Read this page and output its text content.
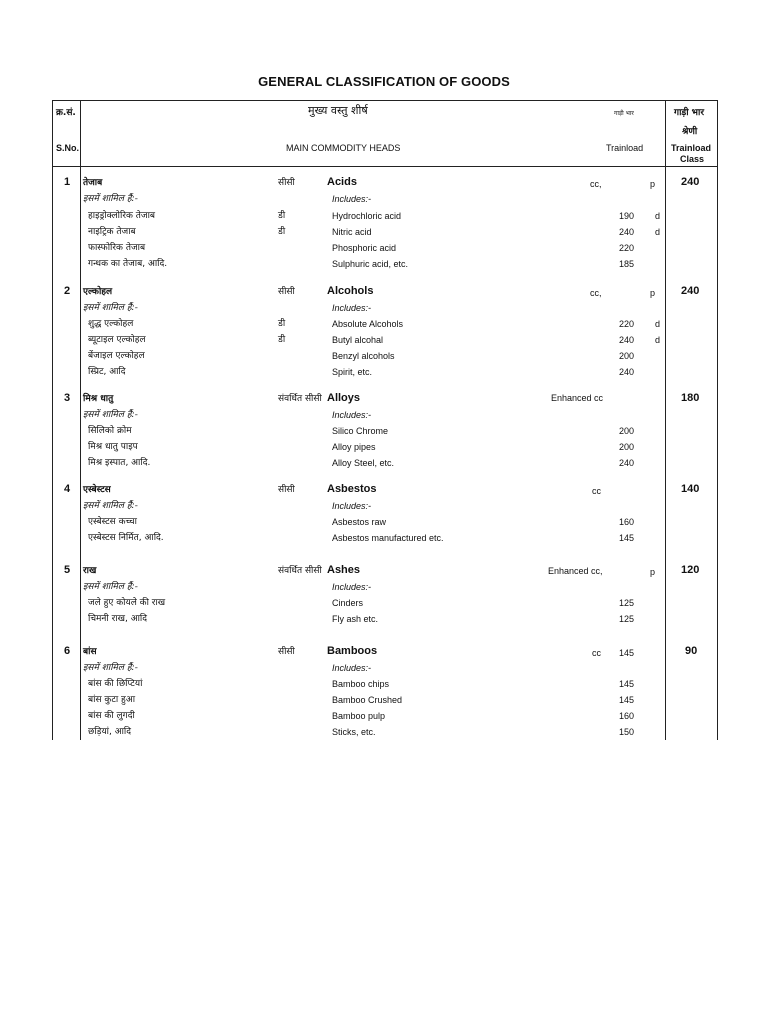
GENERAL CLASSIFICATION OF GOODS
क्र.सं.
S.No.
मुख्य वस्तु शीर्ष
MAIN COMMODITY HEADS
गाड़ी भार
Trainload
गाड़ी भार
श्रेणी
Trainload
Class
1 तेजाब	सीसी	Acids	cc,	p 240
इसमें शामिल हैं:-	Includes:-
हाइड्रोक्लोरिक तेजाब	डी	Hydrochloric acid	190 d
नाइट्रिक तेजाब	डी	Nitric acid	240 d
फास्फोरिक तेजाब	Phosphoric acid	220
गन्धक का तेजाब, आदि.	Sulphuric acid, etc.	185
2 एल्कोहल	सीसी	Alcohols	cc,	p 240
इसमें शामिल हैं:-	Includes:-
शुद्ध एल्कोहल	डी	Absolute Alcohols	220 d
ब्यूटाइल एल्कोहल	डी	Butyl alcohal	240 d
बेंजाइल एल्कोहल	Benzyl alcohols	200
स्प्रिट, आदि	Spirit, etc.	240
3 मिश्र धातु	संवर्धित सीसी Alloys	Enhanced cc	180
इसमें शामिल हैं:-	Includes:-
सिलिको क्रोम	Silico Chrome	200
मिश्र धातु पाइप	Alloy pipes	200
मिश्र इस्पात, आदि.	Alloy Steel, etc.	240
4 एस्बेस्टस	सीसी	Asbestos	cc	140
इसमें शामिल हैं:-	Includes:-
एस्बेस्टस कच्चा	Asbestos raw	160
एस्बेस्टस निर्मित, आदि.	Asbestos manufactured etc.	145
5 राख	संवर्धित सीसी Ashes	Enhanced cc,	p 120
इसमें शामिल हैं:-	Includes:-
जले हुए कोयले की राख	Cinders	125
चिमनी राख, आदि	Fly ash etc.	125
6 बांस	सीसी	Bamboos	cc 145	90
इसमें शामिल हैं:-	Includes:-
बांस की छिप्टियां	Bamboo chips	145
बांस कुटा हुआ	Bamboo Crushed	145
बांस की लुगदी	Bamboo pulp	160
छड़ियां, आदि	Sticks, etc.	150
